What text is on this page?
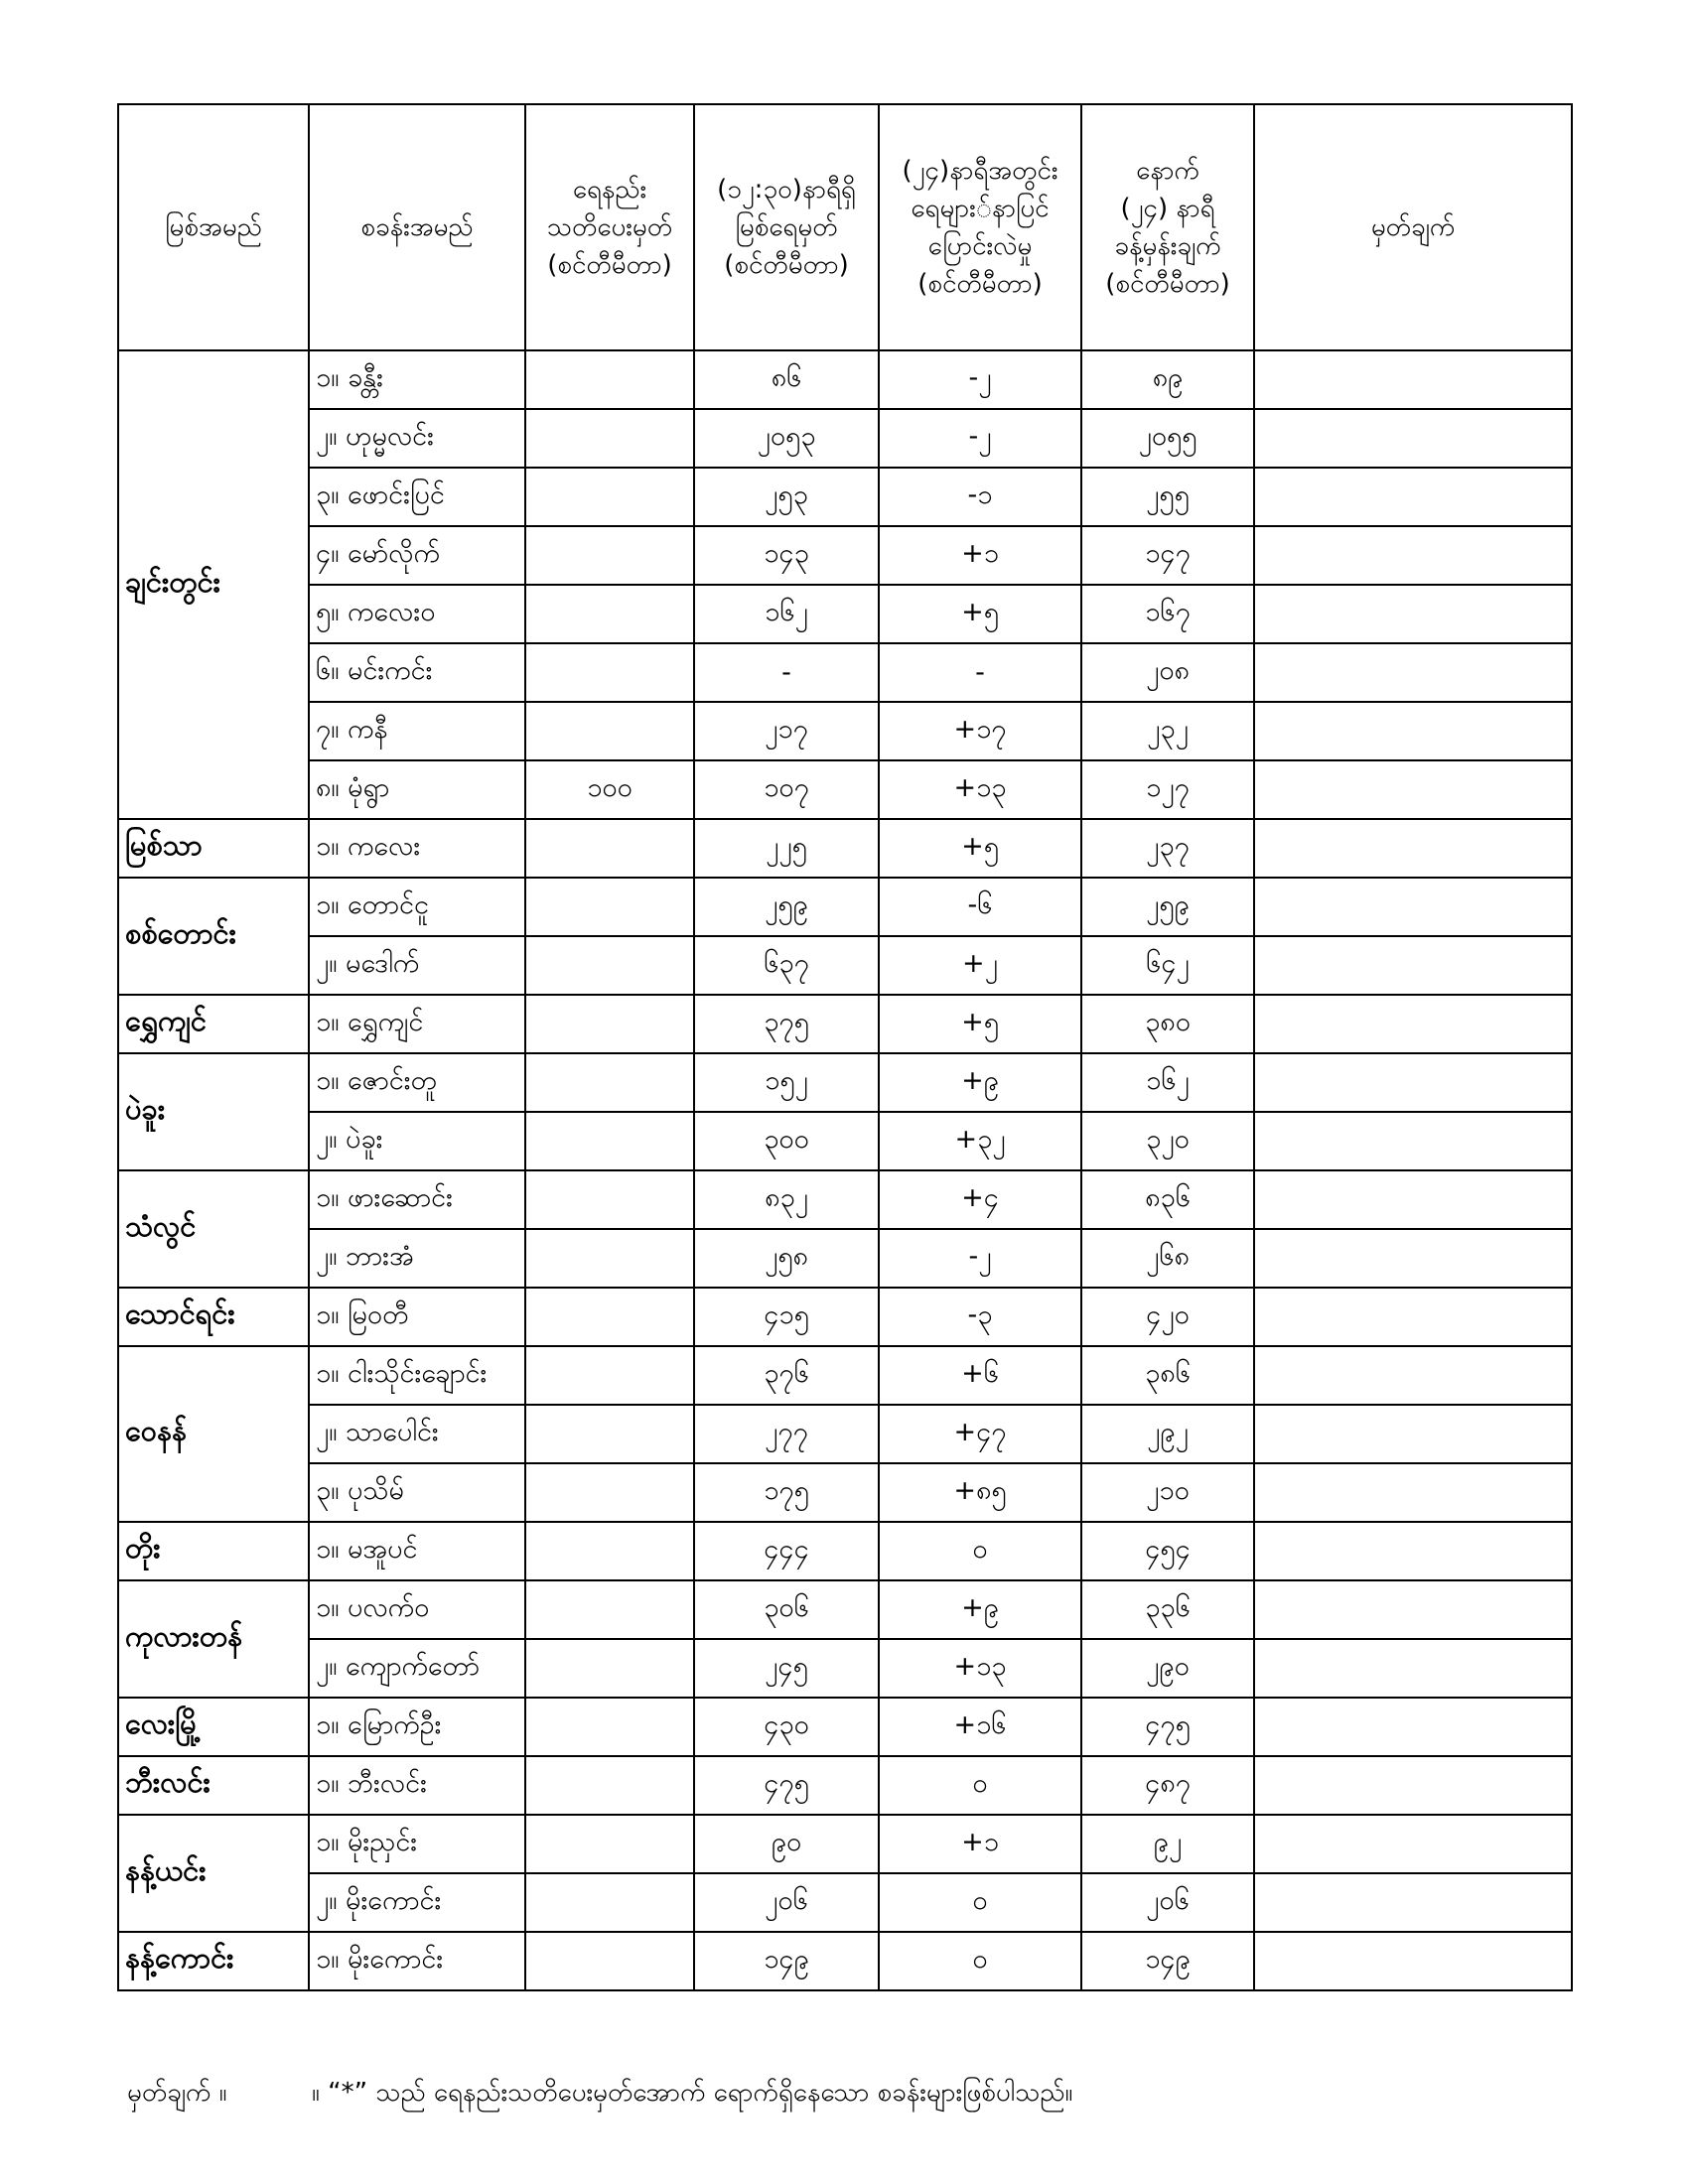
မြစ်အမည်	စခန်းအမည်	ရေနည်း
သတိပေးမှတ်
(စင်တီမီတာ)	(၁၂:၃၀)နာရီရှိ
မြစ်ရေမှတ်
(စင်တီမီတာ)	(၂၄)နာရီအတွင်း
ရေများ်နာပြင်
ပြောင်းလဲမှု
(စင်တီမီတာ)	နောက်
(၂၄) နာရီ
ခန့်မှန်းချက်
(စင်တီမီတာ)	မှတ်ချက်
ချင်းတွင်း	၁။ ခန္တီး		၈၆	-၂	၈၉	
	၂။ ဟုမ္မလင်း		၂၀၅၃	-၂	၂၀၅၅	
	၃။ ဖောင်းပြင်		၂၅၃	-၁	၂၅၅	
	၄။ မော်လိုက်		၁၄၃	+၁	၁၄၇	
	၅။ ကလေးဝ		၁၆၂	+၅	၁၆၇	
	၆။ မင်းကင်း		-	-	၂၀၈	
	၇။ ကနီ		၂၁၇	+၁၇	၂၃၂	
	၈။ မုံရွာ	၁၀၀	၁၀၇	+၁၃	၁၂၇	
မြစ်သာ	၁။ ကလေး		၂၂၅	+၅	၂၃၇	
စစ်တောင်း	၁။ တောင်ငူ		၂၅၉	-၆	၂၅၉	
	၂။ မဒေါက်		၆၃၇	+၂	၆၄၂	
ရွှေကျင်	၁။ ရွှေကျင်		၃၇၅	+၅	၃၈၀	
ပဲခူး	၁။ ဇောင်းတူ		၁၅၂	+၉	၁၆၂	
	၂။ ပဲခူး		၃၀၀	+၃၂	၃၂၀	
သံလွင်	၁။ ဖားဆောင်း		၈၃၂	+၄	၈၃၆	
	၂။ ဘားအံ		၂၅၈	-၂	၂၆၈	
သောင်ရင်း	၁။ မြဝတီ		၄၁၅	-၃	၄၂၀	
ဝေနန်	၁။ ငါးသိုင်းချောင်း		၃၇၆	+၆	၃၈၆	
	၂။ သာပေါင်း		၂၇၇	+၄၇	၂၉၂	
	၃။ ပုသိမ်		၁၇၅	+၈၅	၂၁၀	
တိုး	၁။ မအူပင်		၄၄၄	၀	၄၅၄	
ကုလားတန်	၁။ ပလက်ဝ		၃၀၆	+၉	၃၃၆	
	၂။ ကျောက်တော်		၂၄၅	+၁၃	၂၉၀	
လေးမြို့	၁။ မြောက်ဦး		၄၃၀	+၁၆	၄၇၅	
ဘီးလင်း	၁။ ဘီးလင်း		၄၇၅	၀	၄၈၇	
နန့်ယင်း	၁။ မိုးညှင်း		၉၀	+၁	၉၂	
	၂။ မိုးကောင်း		၂၀၆	၀	၂၀၆	
နန့်ကောင်း	၁။ မိုးကောင်း		၁၄၉	၀	၁၄၉	
မှတ်ချက် ။	။ “*” သည် ရေနည်းသတိပေးမှတ်အောက် ရောက်ရှိနေသော စခန်းများဖြစ်ပါသည်။
